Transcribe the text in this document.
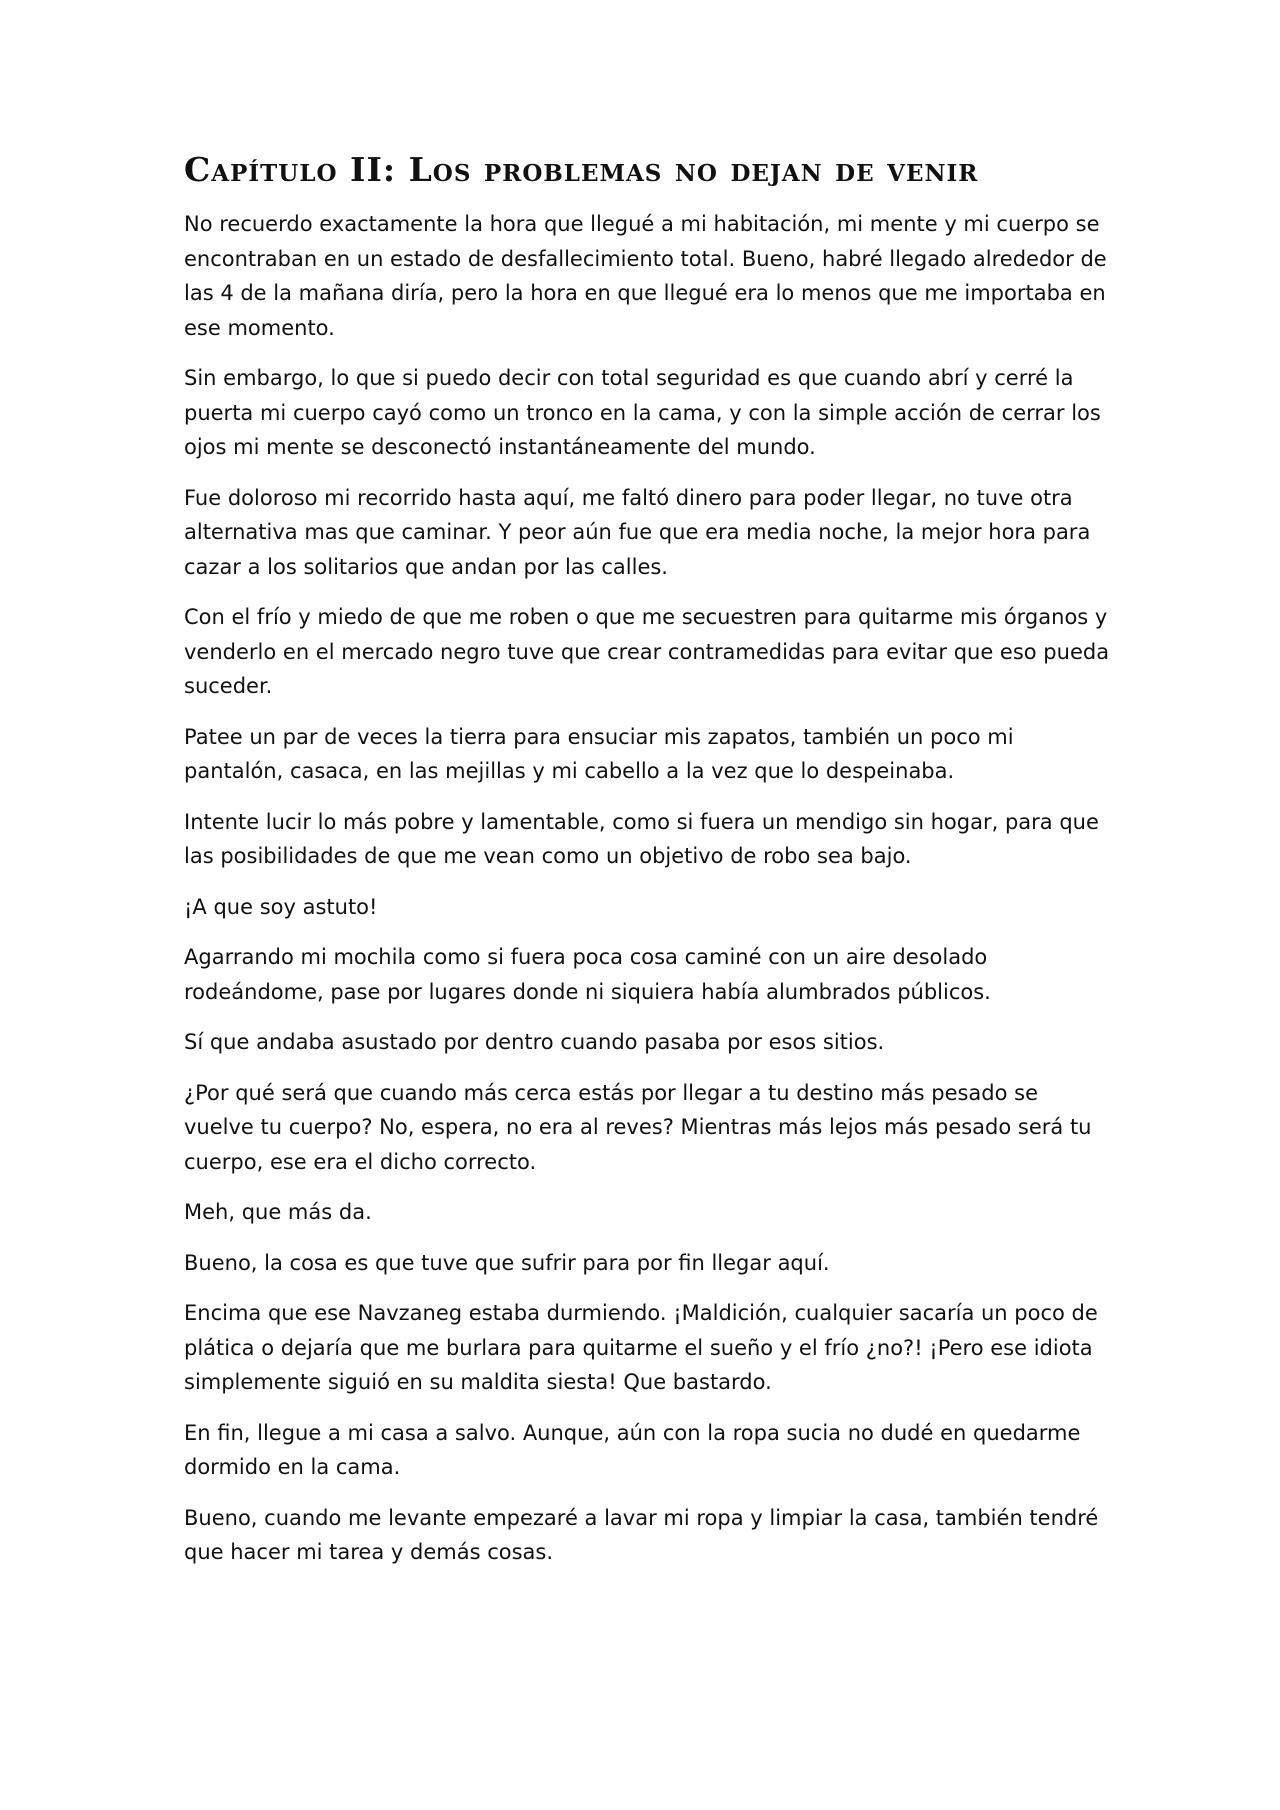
Capítulo II: Los problemas no dejan de venir

No recuerdo exactamente la hora que llegué a mi habitación, mi mente y mi cuerpo se encontraban en un estado de desfallecimiento total. Bueno, habré llegado alrededor de las 4 de la mañana diría, pero la hora en que llegué era lo menos que me importaba en ese momento.

Sin embargo, lo que si puedo decir con total seguridad es que cuando abrí y cerré la puerta mi cuerpo cayó como un tronco en la cama, y con la simple acción de cerrar los ojos mi mente se desconectó instantáneamente del mundo.

Fue doloroso mi recorrido hasta aquí, me faltó dinero para poder llegar, no tuve otra alternativa mas que caminar. Y peor aún fue que era media noche, la mejor hora para cazar a los solitarios que andan por las calles.

Con el frío y miedo de que me roben o que me secuestren para quitarme mis órganos y venderlo en el mercado negro tuve que crear contramedidas para evitar que eso pueda suceder.

Patee un par de veces la tierra para ensuciar mis zapatos, también un poco mi pantalón, casaca, en las mejillas y mi cabello a la vez que lo despeinaba.

Intente lucir lo más pobre y lamentable, como si fuera un mendigo sin hogar, para que las posibilidades de que me vean como un objetivo de robo sea bajo.

¡A que soy astuto!

Agarrando mi mochila como si fuera poca cosa caminé con un aire desolado rodeándome, pase por lugares donde ni siquiera había alumbrados públicos.

Sí que andaba asustado por dentro cuando pasaba por esos sitios.

¿Por qué será que cuando más cerca estás por llegar a tu destino más pesado se vuelve tu cuerpo? No, espera, no era al reves? Mientras más lejos más pesado será tu cuerpo, ese era el dicho correcto.

Meh, que más da.

Bueno, la cosa es que tuve que sufrir para por fin llegar aquí.

Encima que ese Navzaneg estaba durmiendo. ¡Maldición, cualquier sacaría un poco de plática o dejaría que me burlara para quitarme el sueño y el frío ¿no?! ¡Pero ese idiota simplemente siguió en su maldita siesta! Que bastardo.

En fin, llegue a mi casa a salvo. Aunque, aún con la ropa sucia no dudé en quedarme dormido en la cama.

Bueno, cuando me levante empezaré a lavar mi ropa y limpiar la casa, también tendré que hacer mi tarea y demás cosas.
